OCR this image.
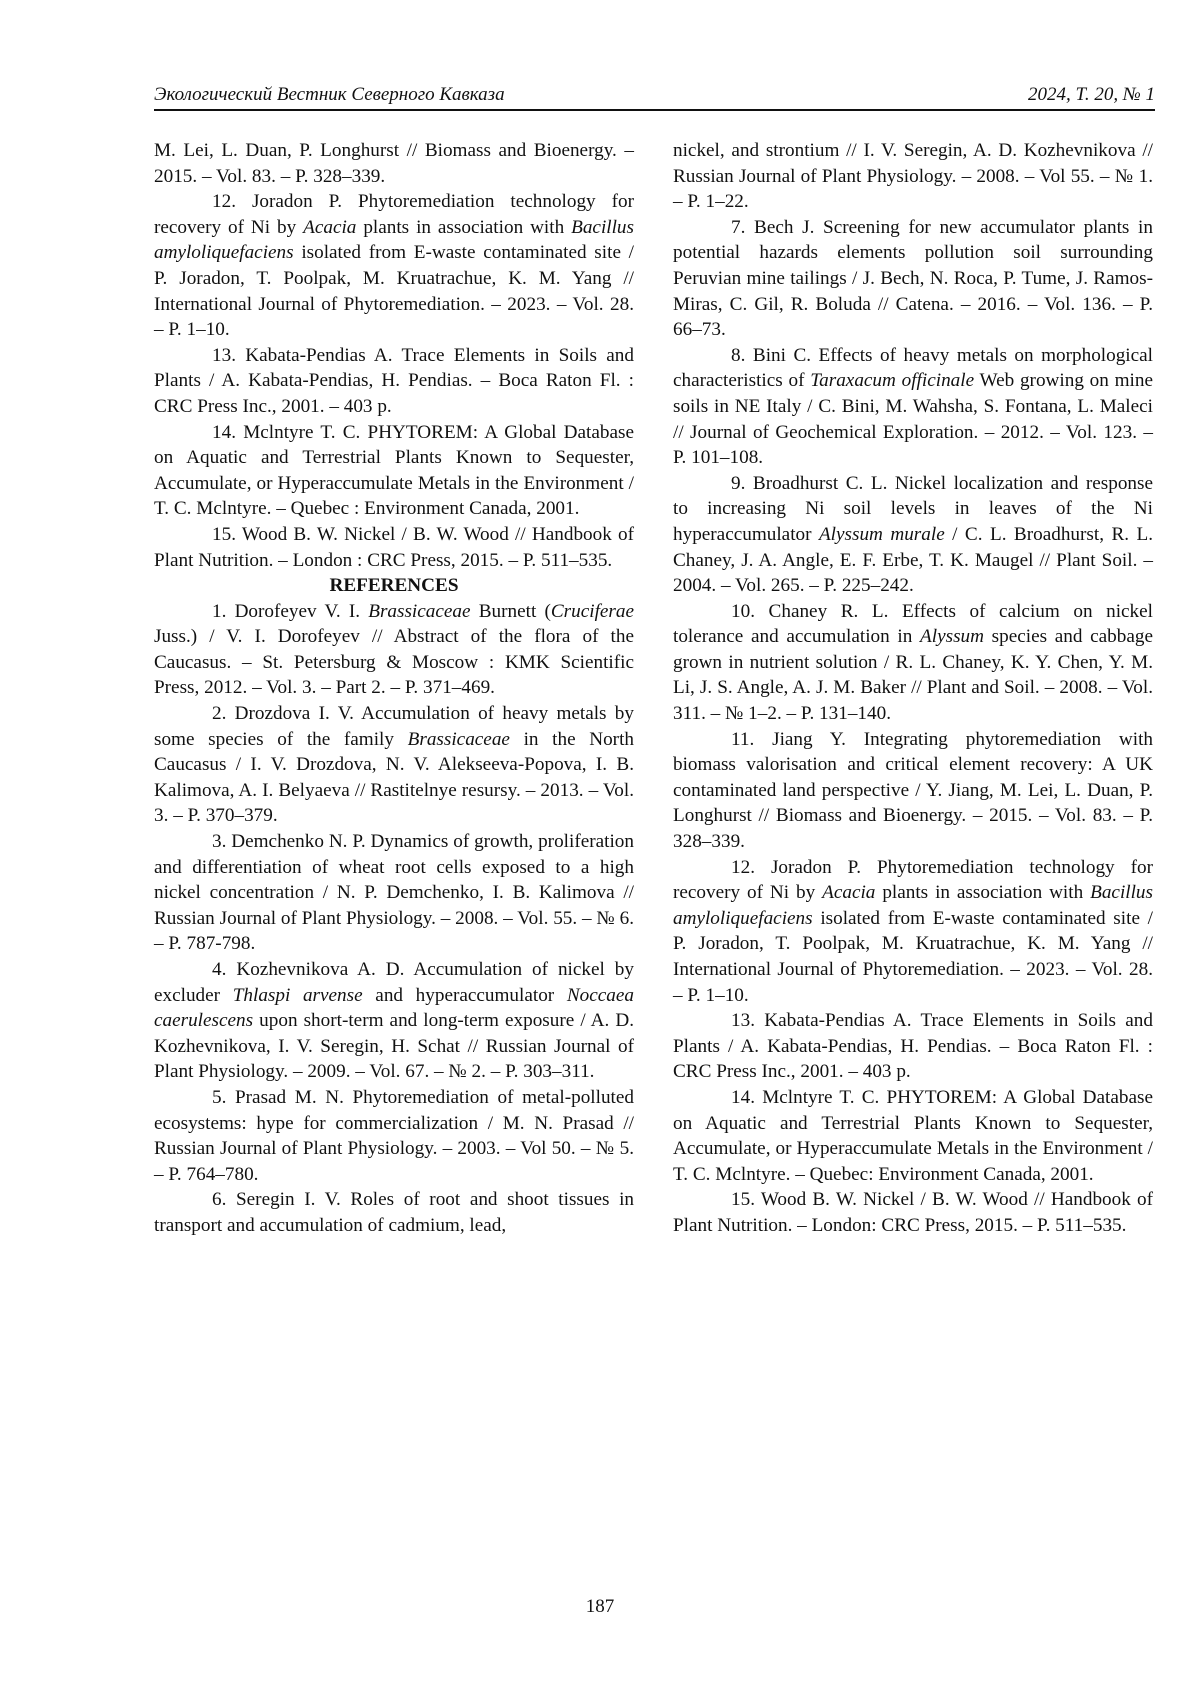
Экологический Вестник Северного Кавказа	2024, Т. 20, № 1

M. Lei, L. Duan, P. Longhurst // Biomass and Bioenergy. – 2015. – Vol. 83. – P. 328–339.

12. Joradon P. Phytoremediation technology for recovery of Ni by Acacia plants in association with Bacillus amyloliquefaciens isolated from E-waste contaminated site / P. Joradon, T. Poolpak, M. Kruatrachue, K. M. Yang // International Journal of Phytoremediation. – 2023. – Vol. 28. – P. 1–10.

13. Kabata-Pendias A. Trace Elements in Soils and Plants / A. Kabata-Pendias, H. Pendias. – Boca Raton Fl. : CRC Press Inc., 2001. – 403 p.

14. Mclntyre T. C. PHYTOREM: A Global Database on Aquatic and Terrestrial Plants Known to Sequester, Accumulate, or Hyperaccumulate Metals in the Environment / T. C. Mclntyre. – Quebec : Environment Canada, 2001.

15. Wood B. W. Nickel / B. W. Wood // Handbook of Plant Nutrition. – London : CRC Press, 2015. – P. 511–535.

REFERENCES

1. Dorofeyev V. I. Brassicaceae Burnett (Cruciferae Juss.) / V. I. Dorofeyev // Abstract of the flora of the Caucasus. – St. Petersburg & Moscow : KMK Scientific Press, 2012. – Vol. 3. – Part 2. – P. 371–469.

2. Drozdova I. V. Accumulation of heavy metals by some species of the family Brassicaceae in the North Caucasus / I. V. Drozdova, N. V. Alekseeva-Popova, I. B. Kalimova, A. I. Belyaeva // Rastitelnye resursy. – 2013. – Vol. 3. – P. 370–379.

3. Demchenko N. P. Dynamics of growth, proliferation and differentiation of wheat root cells exposed to a high nickel concentration / N. P. Demchenko, I. B. Kalimova // Russian Journal of Plant Physiology. – 2008. – Vol. 55. – № 6. – P. 787-798.

4. Kozhevnikova A. D. Accumulation of nickel by excluder Thlaspi arvense and hyperaccumulator Noccaea caerulescens upon short-term and long-term exposure / A. D. Kozhevnikova, I. V. Seregin, H. Schat // Russian Journal of Plant Physiology. – 2009. – Vol. 67. – № 2. – P. 303–311.

5. Prasad M. N. Phytoremediation of metal-polluted ecosystems: hype for commercialization / M. N. Prasad // Russian Journal of Plant Physiology. – 2003. – Vol 50. – № 5. – P. 764–780.

6. Seregin I. V. Roles of root and shoot tissues in transport and accumulation of cadmium, lead,

nickel, and strontium // I. V. Seregin, A. D. Kozhevnikova // Russian Journal of Plant Physiology. – 2008. – Vol 55. – № 1. – P. 1–22.

7. Bech J. Screening for new accumulator plants in potential hazards elements pollution soil surrounding Peruvian mine tailings / J. Bech, N. Roca, P. Tume, J. Ramos-Miras, C. Gil, R. Boluda // Catena. – 2016. – Vol. 136. – P. 66–73.

8. Bini C. Effects of heavy metals on morphological characteristics of Taraxacum officinale Web growing on mine soils in NE Italy / C. Bini, M. Wahsha, S. Fontana, L. Maleci // Journal of Geochemical Exploration. – 2012. – Vol. 123. – P. 101–108.

9. Broadhurst C. L. Nickel localization and response to increasing Ni soil levels in leaves of the Ni hyperaccumulator Alyssum murale / C. L. Broadhurst, R. L. Chaney, J. A. Angle, E. F. Erbe, T. K. Maugel // Plant Soil. – 2004. – Vol. 265. – P. 225–242.

10. Chaney R. L. Effects of calcium on nickel tolerance and accumulation in Alyssum species and cabbage grown in nutrient solution / R. L. Chaney, K. Y. Chen, Y. M. Li, J. S. Angle, A. J. M. Baker // Plant and Soil. – 2008. – Vol. 311. – № 1–2. – P. 131–140.

11. Jiang Y. Integrating phytoremediation with biomass valorisation and critical element recovery: A UK contaminated land perspective / Y. Jiang, M. Lei, L. Duan, P. Longhurst // Biomass and Bioenergy. – 2015. – Vol. 83. – P. 328–339.

12. Joradon P. Phytoremediation technology for recovery of Ni by Acacia plants in association with Bacillus amyloliquefaciens isolated from E-waste contaminated site / P. Joradon, T. Poolpak, M. Kruatrachue, K. M. Yang // International Journal of Phytoremediation. – 2023. – Vol. 28. – P. 1–10.

13. Kabata-Pendias A. Trace Elements in Soils and Plants / A. Kabata-Pendias, H. Pendias. – Boca Raton Fl. : CRC Press Inc., 2001. – 403 p.

14. Mclntyre T. C. PHYTOREM: A Global Database on Aquatic and Terrestrial Plants Known to Sequester, Accumulate, or Hyperaccumulate Metals in the Environment / T. C. Mclntyre. – Quebec: Environment Canada, 2001.

15. Wood B. W. Nickel / B. W. Wood // Handbook of Plant Nutrition. – London: CRC Press, 2015. – P. 511–535.

187
